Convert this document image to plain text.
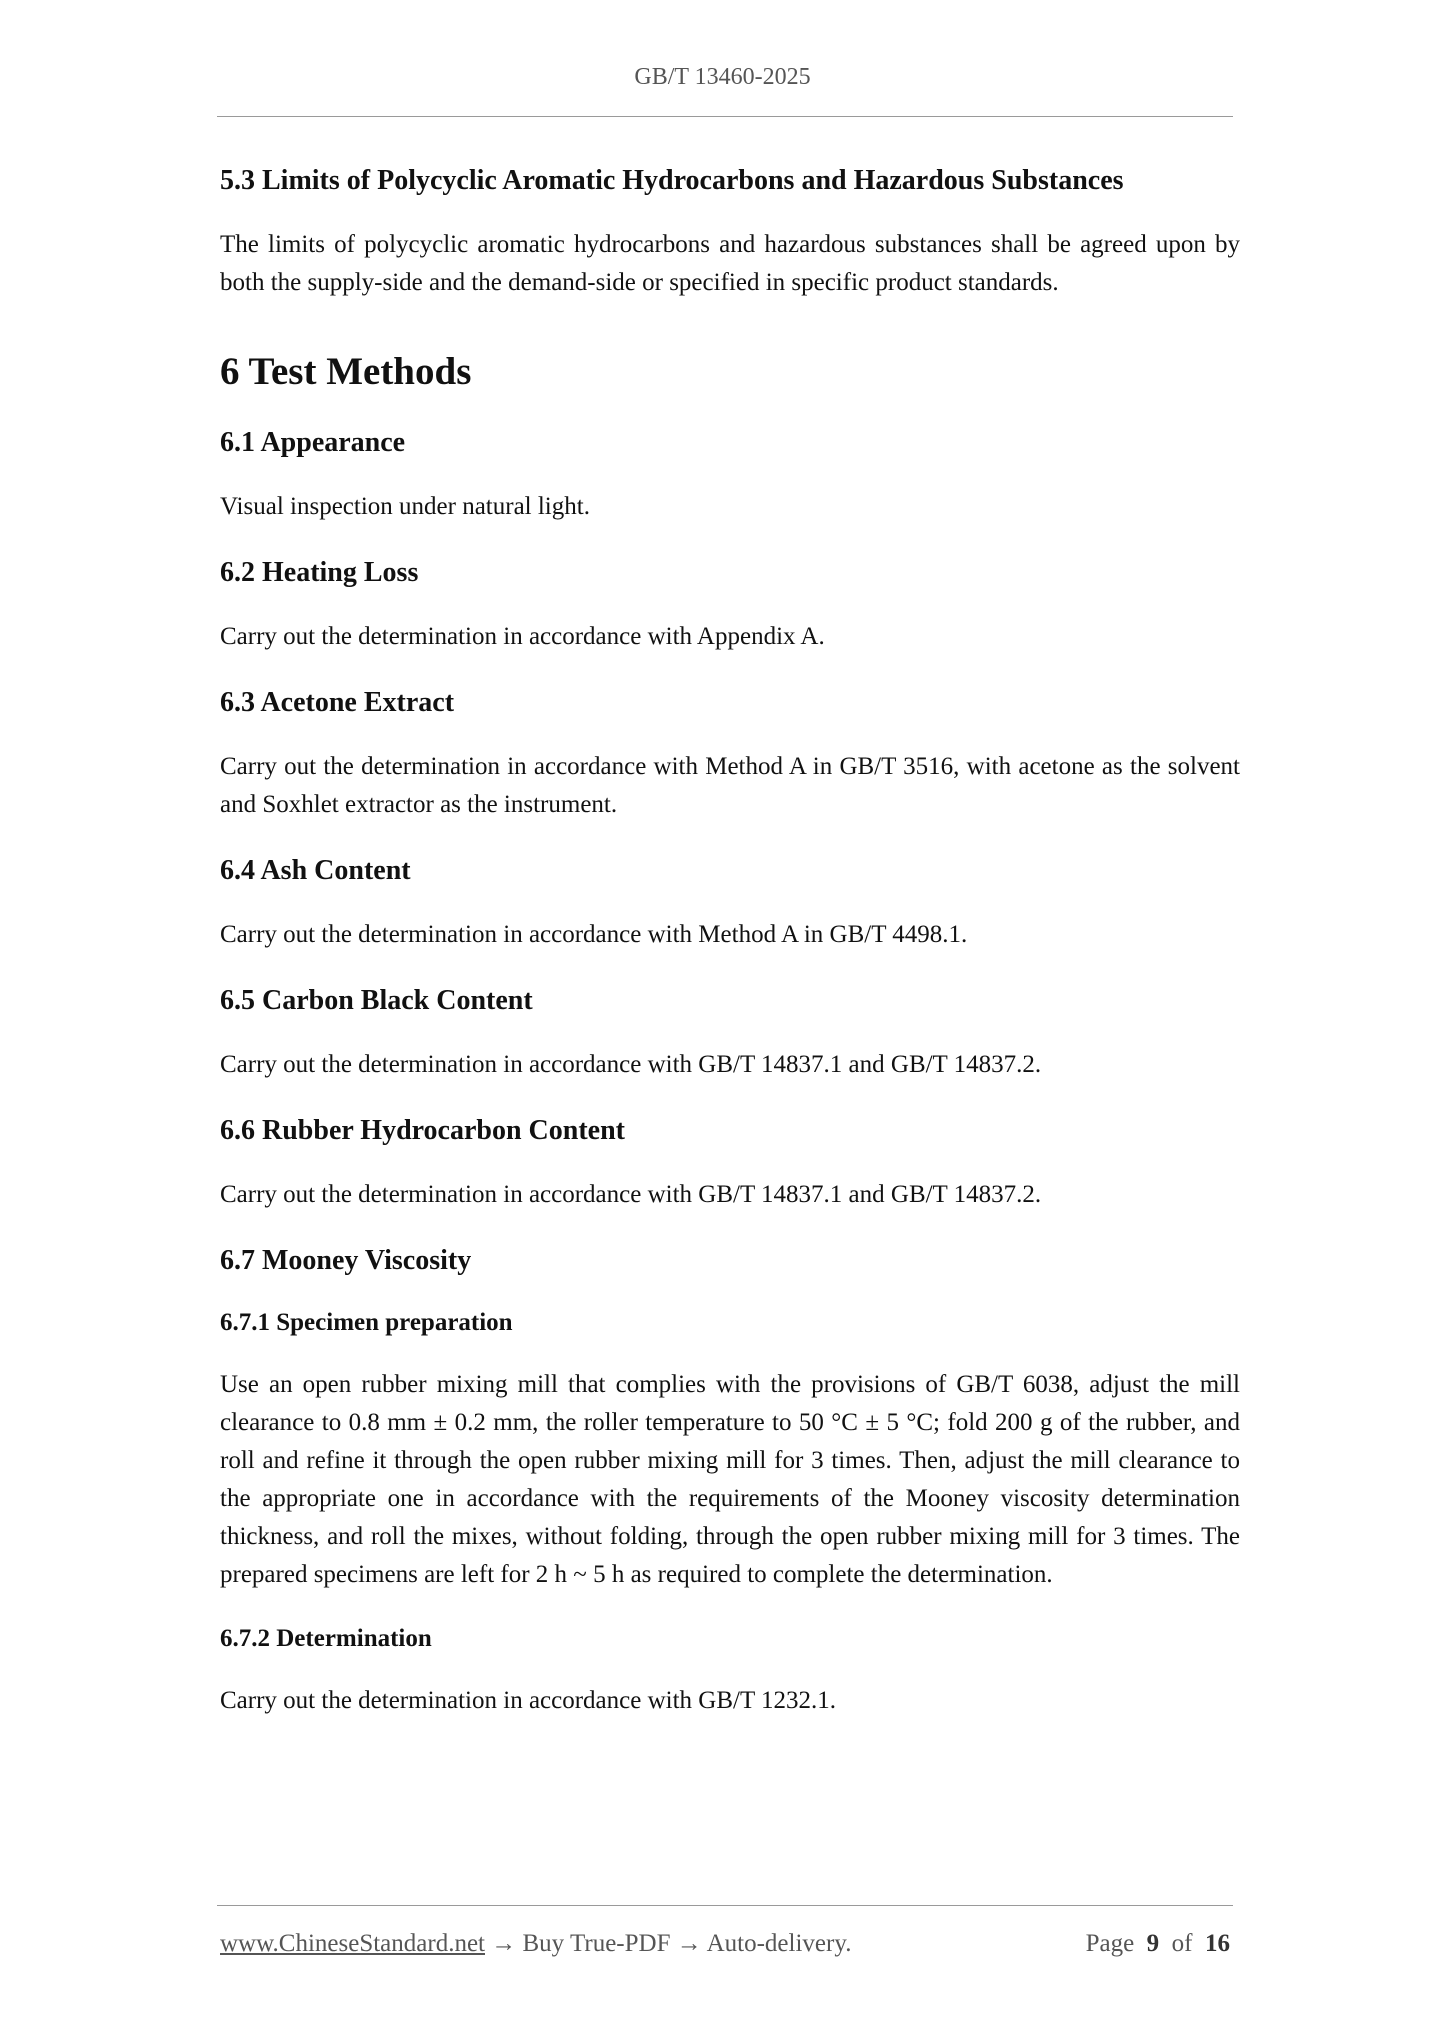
GB/T 13460-2025
5.3 Limits of Polycyclic Aromatic Hydrocarbons and Hazardous Substances

The limits of polycyclic aromatic hydrocarbons and hazardous substances shall be agreed upon by both the supply-side and the demand-side or specified in specific product standards.

6 Test Methods
6.1 Appearance

Visual inspection under natural light.

6.2 Heating Loss

Carry out the determination in accordance with Appendix A.

6.3 Acetone Extract

Carry out the determination in accordance with Method A in GB/T 3516, with acetone as the solvent and Soxhlet extractor as the instrument.

6.4 Ash Content

Carry out the determination in accordance with Method A in GB/T 4498.1.

6.5 Carbon Black Content

Carry out the determination in accordance with GB/T 14837.1 and GB/T 14837.2.

6.6 Rubber Hydrocarbon Content

Carry out the determination in accordance with GB/T 14837.1 and GB/T 14837.2.

6.7 Mooney Viscosity
6.7.1 Specimen preparation

Use an open rubber mixing mill that complies with the provisions of GB/T 6038, adjust the mill clearance to 0.8 mm ± 0.2 mm, the roller temperature to 50 °C ± 5 °C; fold 200 g of the rubber, and roll and refine it through the open rubber mixing mill for 3 times. Then, adjust the mill clearance to the appropriate one in accordance with the requirements of the Mooney viscosity determination thickness, and roll the mixes, without folding, through the open rubber mixing mill for 3 times. The prepared specimens are left for 2 h ~ 5 h as required to complete the determination.

6.7.2 Determination

Carry out the determination in accordance with GB/T 1232.1.

www.ChineseStandard.net → Buy True-PDF → Auto-delivery.	Page 9 of 16
